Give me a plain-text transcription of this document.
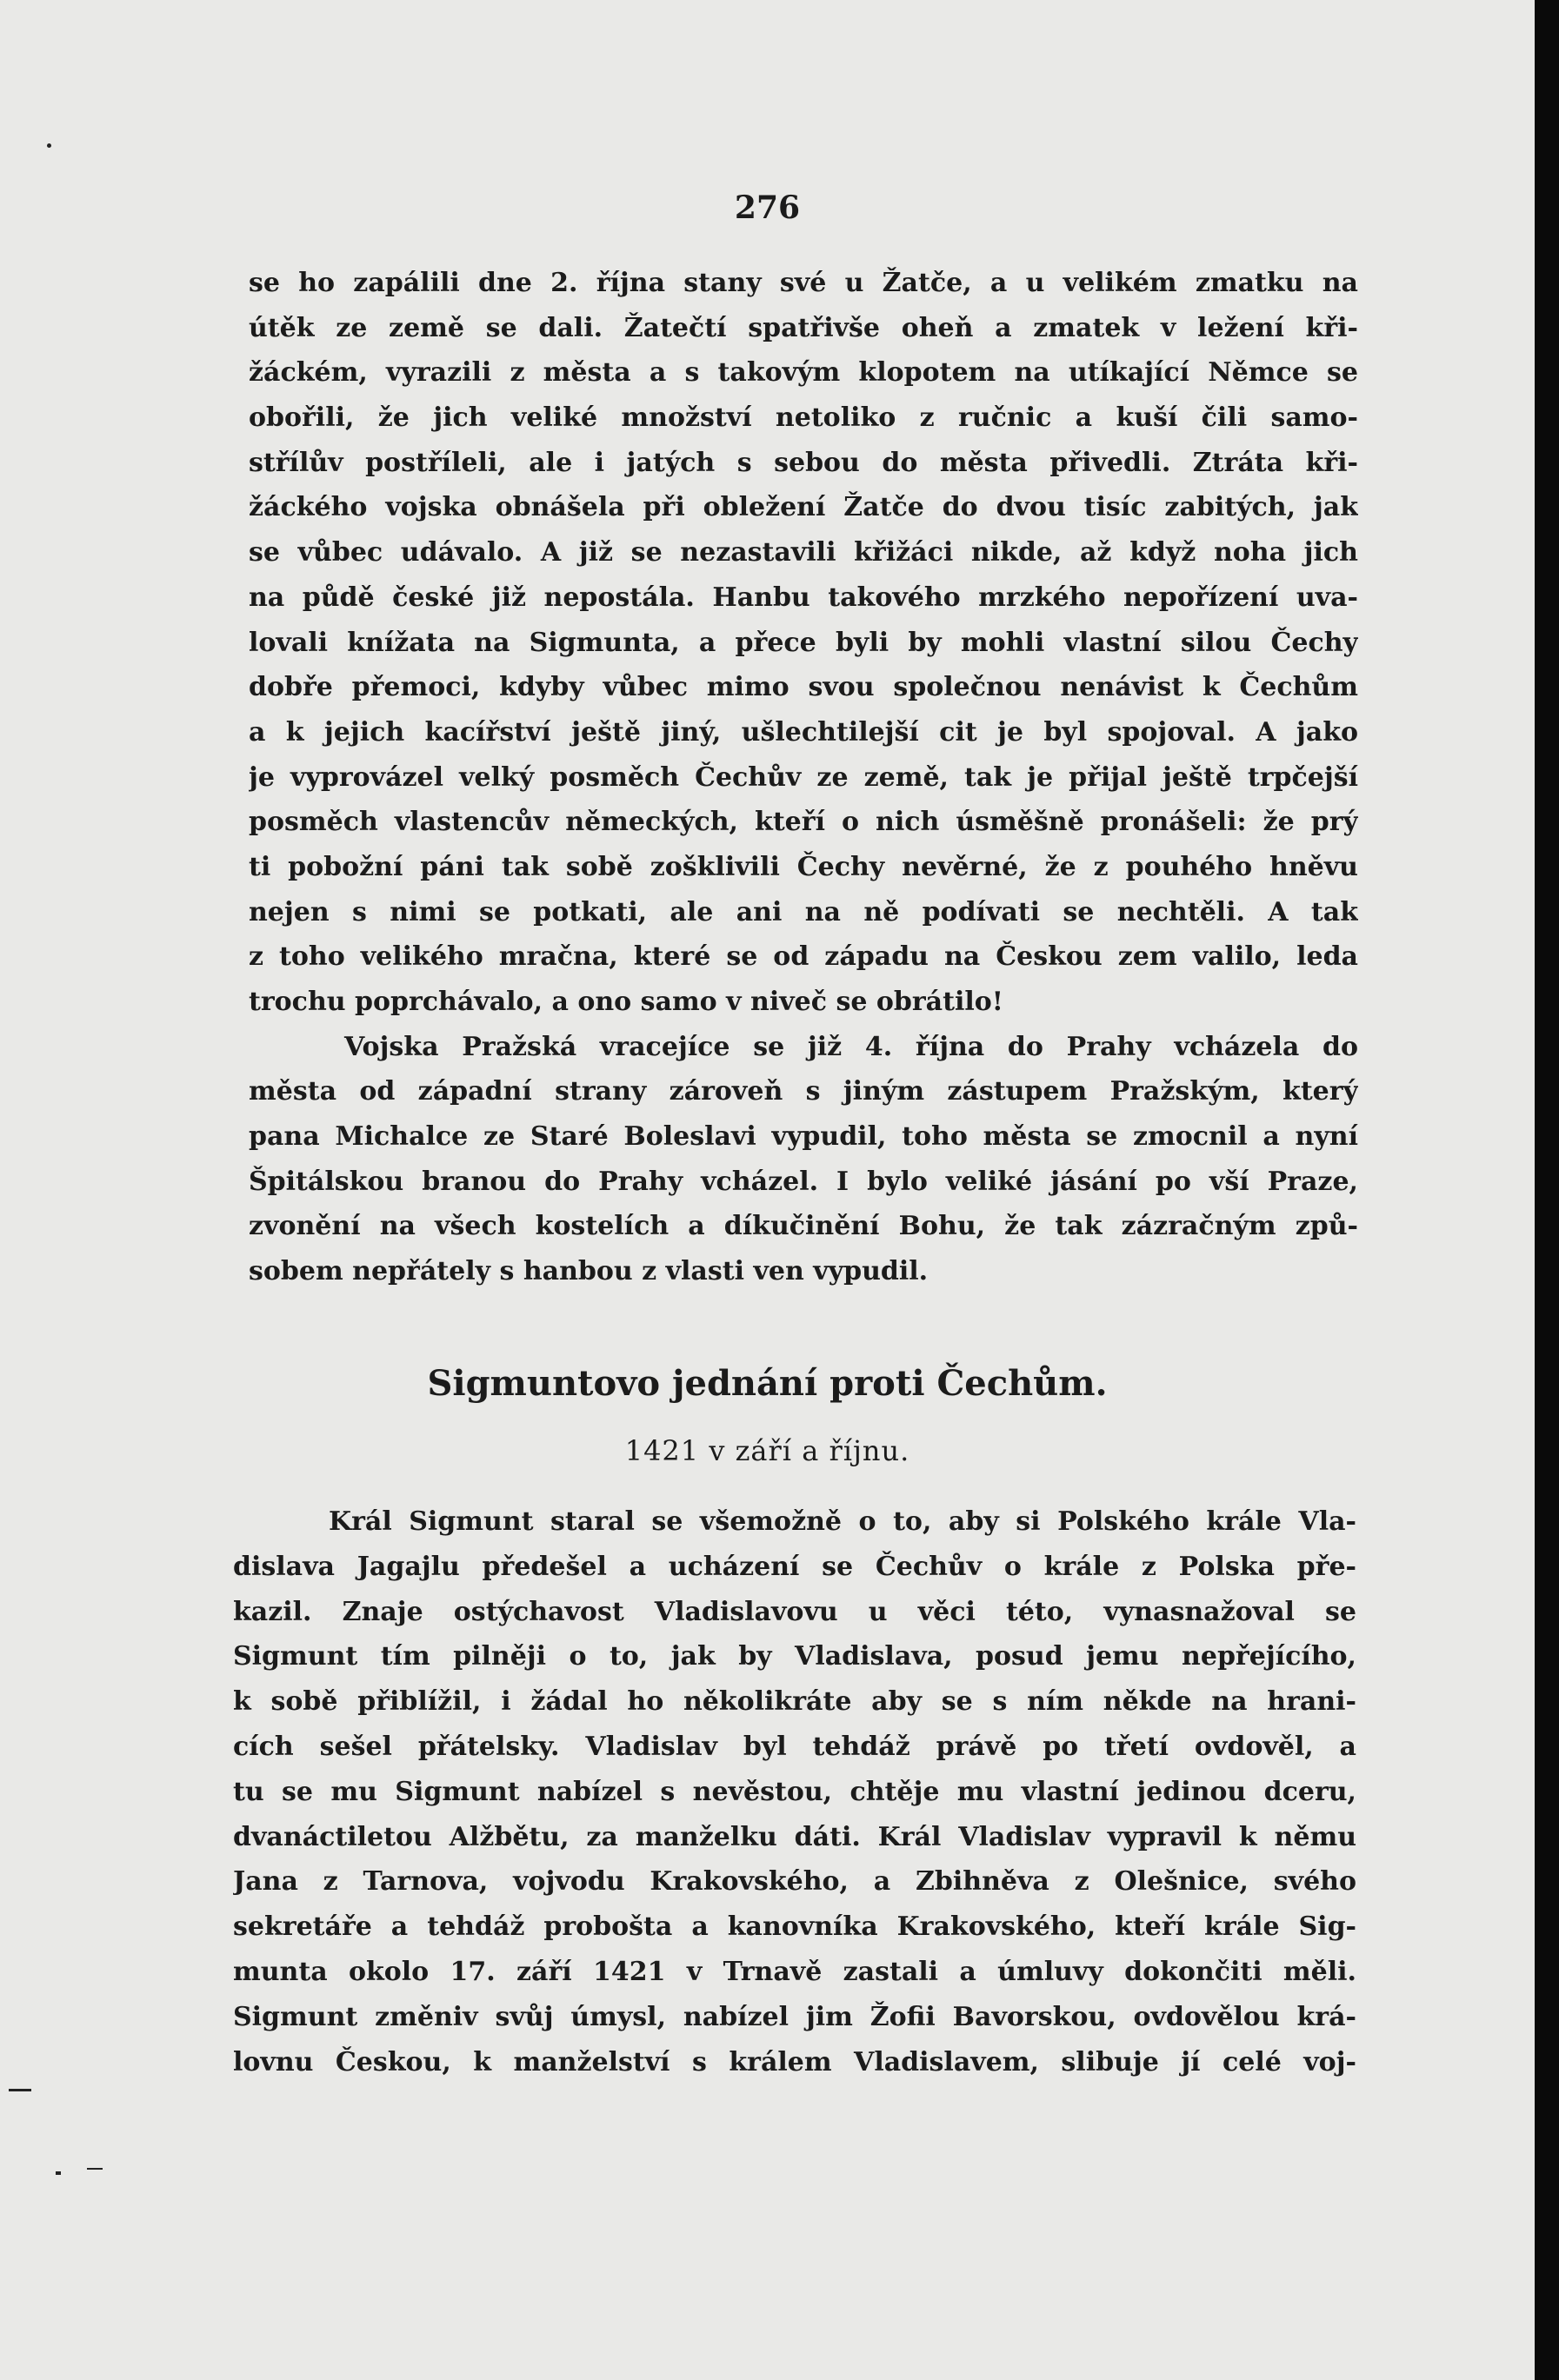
276
se ho zapálili dne 2. října stany své u Žatče, a u velikém zmatku na
útěk ze země se dali. Žatečtí spatřivše oheň a zmatek v ležení kři-
žáckém, vyrazili z města a s takovým klopotem na utíkající Němce se
obořili, že jich veliké množství netoliko z ručnic a kuší čili samo-
střílův postříleli, ale i jatých s sebou do města přivedli. Ztráta kři-
žáckého vojska obnášela při obležení Žatče do dvou tisíc zabitých, jak
se vůbec udávalo. A již se nezastavili křižáci nikde, až když noha jich
na půdě české již nepostála. Hanbu takového mrzkého nepořízení uva-
lovali knížata na Sigmunta, a přece byli by mohli vlastní silou Čechy
dobře přemoci, kdyby vůbec mimo svou společnou nenávist k Čechům
a k jejich kacířství ještě jiný, ušlechtilejší cit je byl spojoval. A jako
je vyprovázel velký posměch Čechův ze země, tak je přijal ještě trpčejší
posměch vlastencův německých, kteří o nich úsměšně pronášeli: že prý
ti pobožní páni tak sobě zošklivili Čechy nevěrné, že z pouhého hněvu
nejen s nimi se potkati, ale ani na ně podívati se nechtěli. A tak
z toho velikého mračna, které se od západu na Českou zem valilo, leda
trochu poprchávalo, a ono samo v niveč se obrátilo!
Vojska Pražská vracejíce se již 4. října do Prahy vcházela do
města od západní strany zároveň s jiným zástupem Pražským, který
pana Michalce ze Staré Boleslavi vypudil, toho města se zmocnil a nyní
Špitálskou branou do Prahy vcházel. I bylo veliké jásání po vší Praze,
zvonění na všech kostelích a díkučinění Bohu, že tak zázračným způ-
sobem nepřátely s hanbou z vlasti ven vypudil.
Sigmuntovo jednání proti Čechům.
1421 v září a říjnu.
Král Sigmunt staral se všemožně o to, aby si Polského krále Vla-
dislava Jagajlu předešel a ucházení se Čechův o krále z Polska pře-
kazil. Znaje ostýchavost Vladislavovu u věci této, vynasnažoval se
Sigmunt tím pilněji o to, jak by Vladislava, posud jemu nepřejícího,
k sobě přiblížil, i žádal ho několikráte aby se s ním někde na hrani-
cích sešel přátelsky. Vladislav byl tehdáž právě po třetí ovdověl, a
tu se mu Sigmunt nabízel s nevěstou, chtěje mu vlastní jedinou dceru,
dvanáctiletou Alžbětu, za manželku dáti. Král Vladislav vypravil k němu
Jana z Tarnova, vojvodu Krakovského, a Zbihněva z Olešnice, svého
sekretáře a tehdáž probošta a kanovníka Krakovského, kteří krále Sig-
munta okolo 17. září 1421 v Trnavě zastali a úmluvy dokončiti měli.
Sigmunt změniv svůj úmysl, nabízel jim Žofii Bavorskou, ovdovělou krá-
lovnu Českou, k manželství s králem Vladislavem, slibuje jí celé voj-
